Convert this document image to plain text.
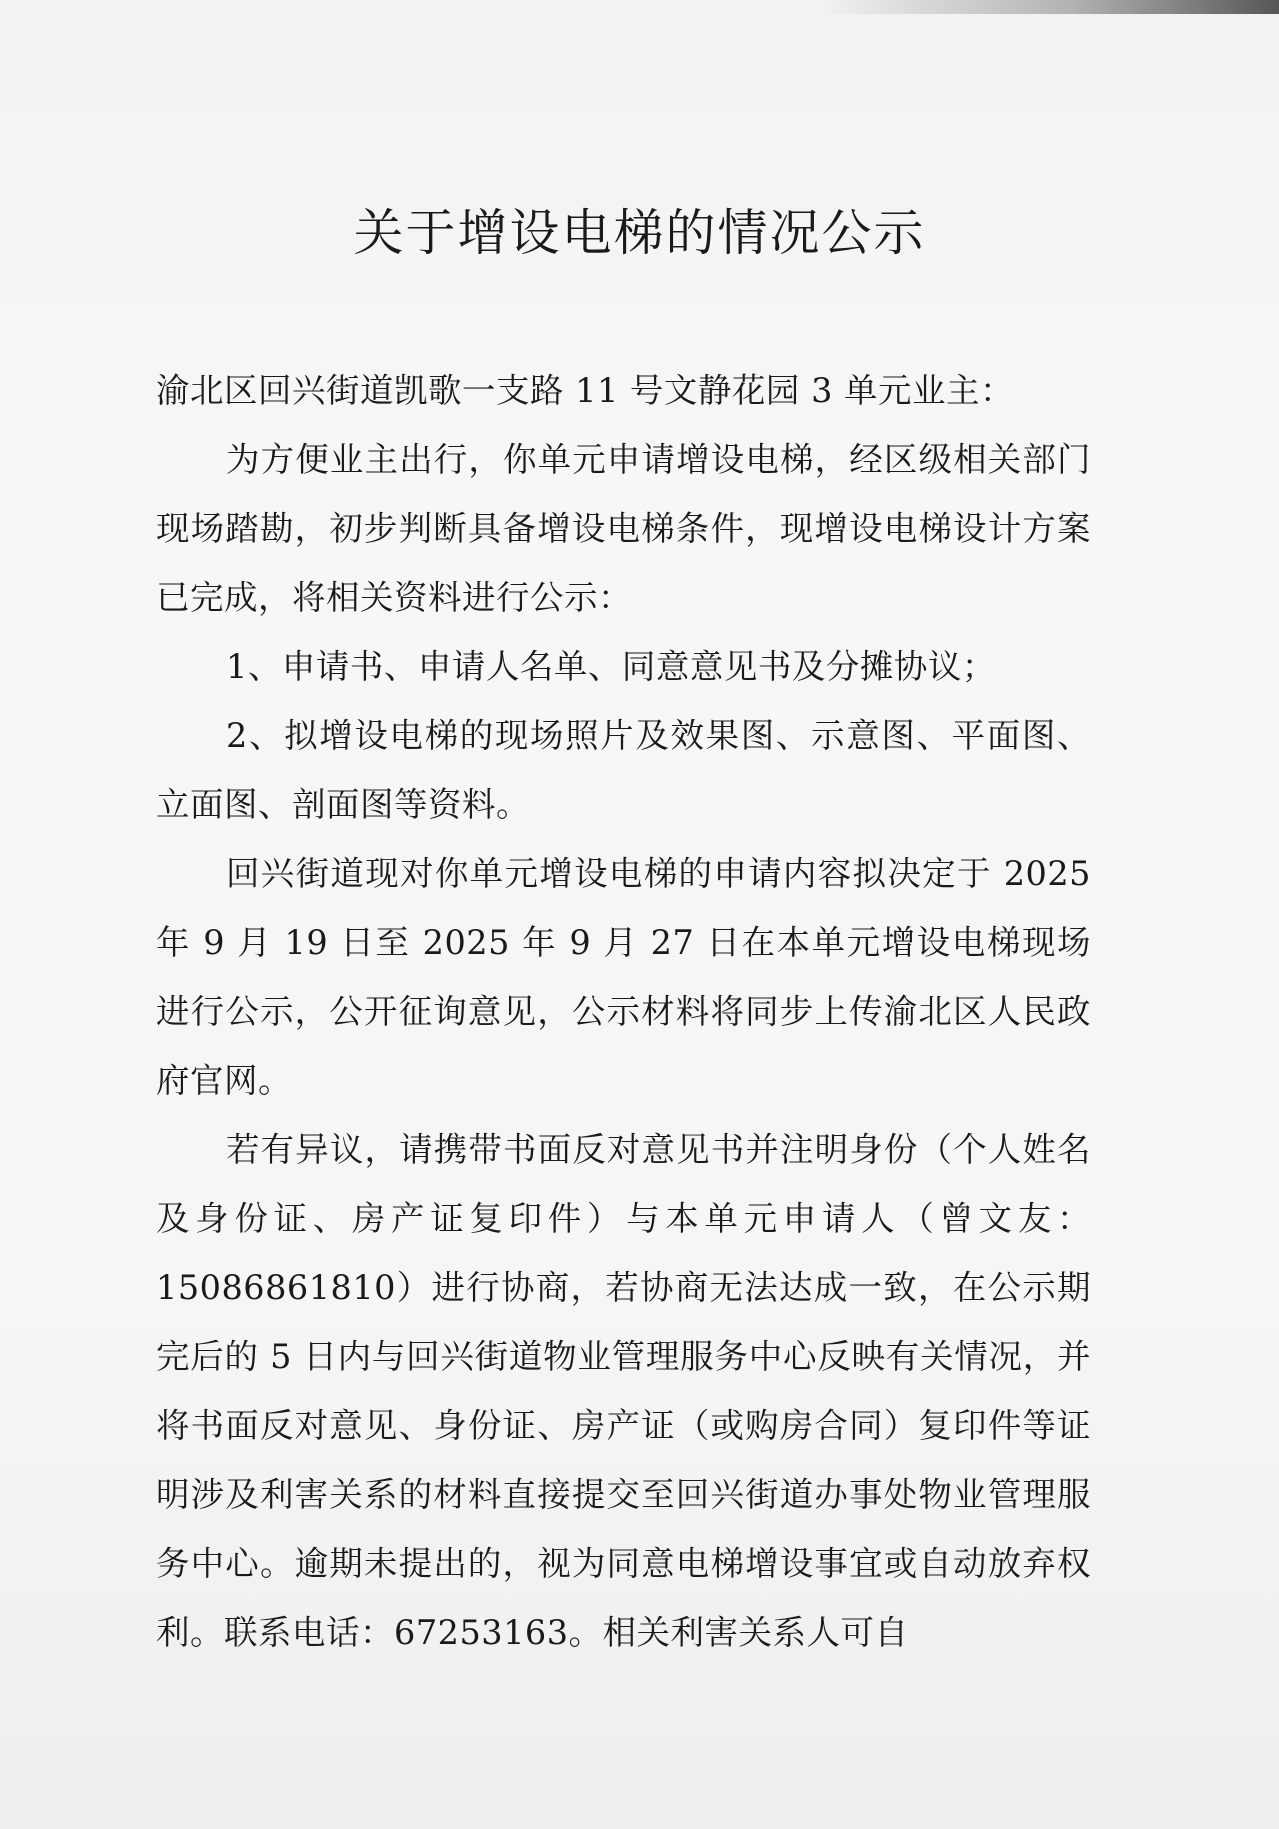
关于增设电梯的情况公示

渝北区回兴街道凯歌一支路 11 号文静花园 3 单元业主：

为方便业主出行，你单元申请增设电梯，经区级相关部门现场踏勘，初步判断具备增设电梯条件，现增设电梯设计方案已完成，将相关资料进行公示：

1、申请书、申请人名单、同意意见书及分摊协议；

2、拟增设电梯的现场照片及效果图、示意图、平面图、立面图、剖面图等资料。

回兴街道现对你单元增设电梯的申请内容拟决定于 2025 年 9 月 19 日至 2025 年 9 月 27 日在本单元增设电梯现场进行公示，公开征询意见，公示材料将同步上传渝北区人民政府官网。

若有异议，请携带书面反对意见书并注明身份（个人姓名及身份证、房产证复印件）与本单元申请人（曾文友：15086861810）进行协商，若协商无法达成一致，在公示期完后的 5 日内与回兴街道物业管理服务中心反映有关情况，并将书面反对意见、身份证、房产证（或购房合同）复印件等证明涉及利害关系的材料直接提交至回兴街道办事处物业管理服务中心。逾期未提出的，视为同意电梯增设事宜或自动放弃权利。联系电话：67253163。相关利害关系人可自
